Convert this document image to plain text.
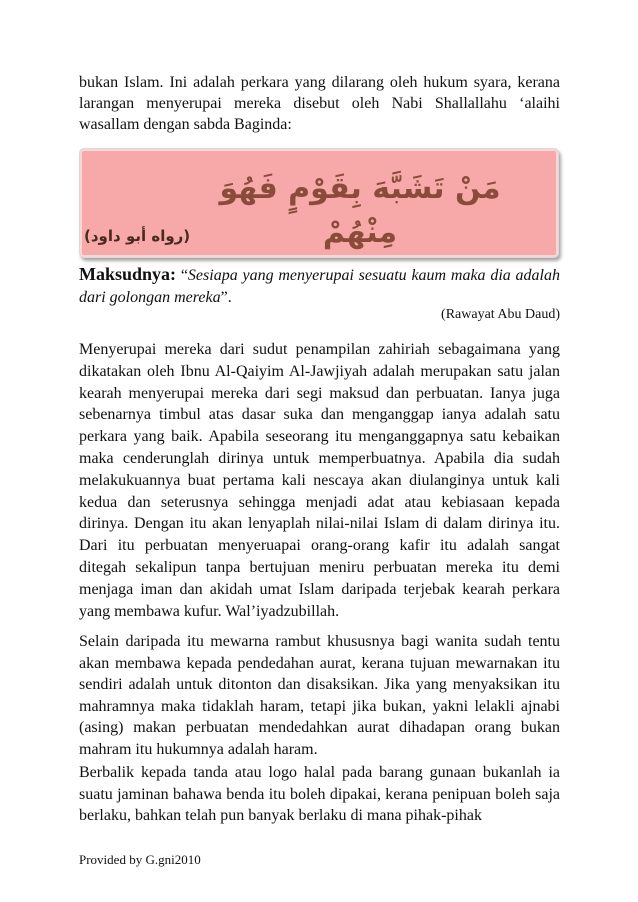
bukan Islam. Ini adalah perkara yang dilarang oleh hukum syara, kerana larangan menyerupai mereka disebut oleh Nabi Shallallahu ‘alaihi wasallam dengan sabda Baginda:
مَنْ تَشَبَّهَ بِقَوْمٍ فَهُوَ مِنْهُمْ
(رواه أبو داود)
Maksudnya: “Sesiapa yang menyerupai sesuatu kaum maka dia adalah dari golongan mereka”.
(Rawayat Abu Daud)
Menyerupai mereka dari sudut penampilan zahiriah sebagaimana yang dikatakan oleh Ibnu Al-Qaiyim Al-Jawjiyah adalah merupakan satu jalan kearah menyerupai mereka dari segi maksud dan perbuatan. Ianya juga sebenarnya timbul atas dasar suka dan menganggap ianya adalah satu perkara yang baik. Apabila seseorang itu menganggapnya satu kebaikan maka cenderunglah dirinya untuk memperbuatnya. Apabila dia sudah melakukuannya buat pertama kali nescaya akan diulanginya untuk kali kedua dan seterusnya sehingga menjadi adat atau kebiasaan kepada dirinya. Dengan itu akan lenyaplah nilai-nilai Islam di dalam dirinya itu. Dari itu perbuatan menyeruapai orang-orang kafir itu adalah sangat ditegah sekalipun tanpa bertujuan meniru perbuatan mereka itu demi menjaga iman dan akidah umat Islam daripada terjebak kearah perkara yang membawa kufur. Wal’iyadzubillah.
Selain daripada itu mewarna rambut khususnya bagi wanita sudah tentu akan membawa kepada pendedahan aurat, kerana tujuan mewarnakan itu sendiri adalah untuk ditonton dan disaksikan. Jika yang menyaksikan itu mahramnya maka tidaklah haram, tetapi jika bukan, yakni lelakli ajnabi (asing) makan perbuatan mendedahkan aurat dihadapan orang bukan mahram itu hukumnya adalah haram.
Berbalik kepada tanda atau logo halal pada barang gunaan bukanlah ia suatu jaminan bahawa benda itu boleh dipakai, kerana penipuan boleh saja berlaku, bahkan telah pun banyak berlaku di mana pihak-pihak
Provided by G.gni2010
